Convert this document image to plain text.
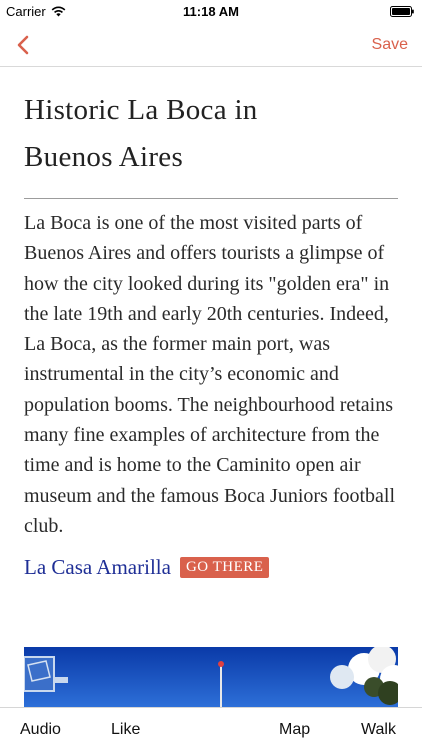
Carrier	11:18 AM
Save
Historic La Boca in
Buenos Aires

La Boca is one of the most visited parts of Buenos Aires and offers tourists a glimpse of how the city looked during its "golden era" in the late 19th and early 20th centuries. Indeed, La Boca, as the former main port, was instrumental in the city’s economic and population booms. The neighbourhood retains many fine examples of architecture from the time and is home to the Caminito open air museum and the famous Boca Juniors football club.

La Casa Amarilla	GO THERE
Audio	Like	Map	Walk
